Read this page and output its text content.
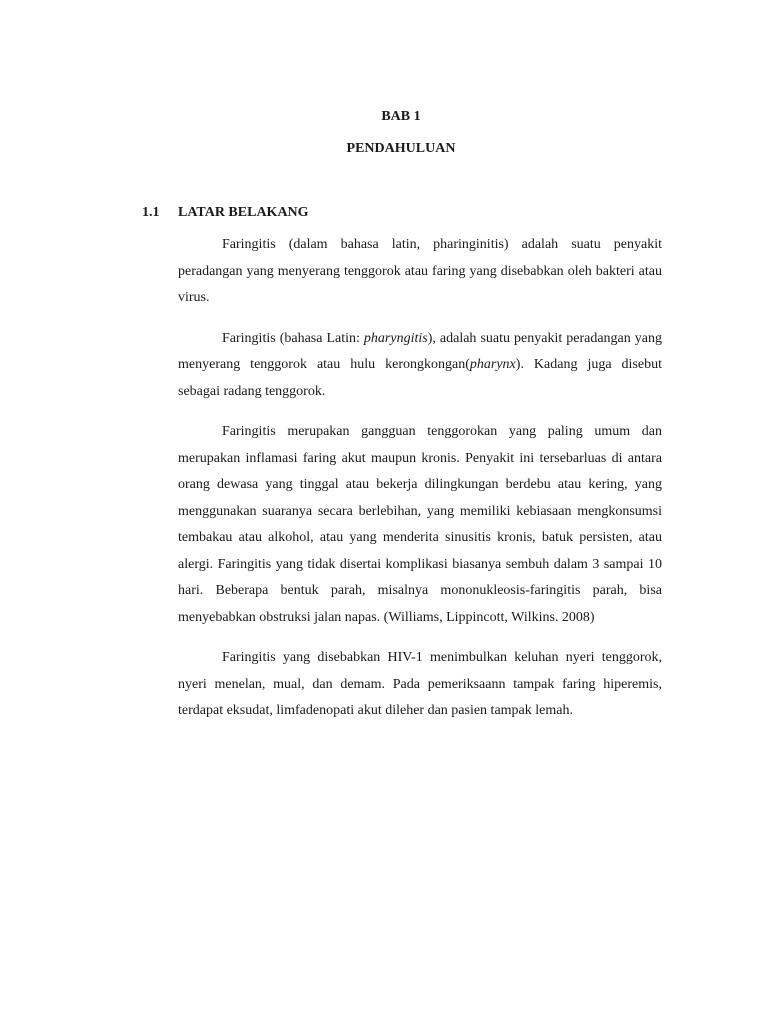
BAB 1
PENDAHULUAN
1.1 LATAR BELAKANG

Faringitis (dalam bahasa latin, pharinginitis) adalah suatu penyakit peradangan yang menyerang tenggorok atau faring yang disebabkan oleh bakteri atau virus.

Faringitis (bahasa Latin: pharyngitis), adalah suatu penyakit peradangan yang menyerang tenggorok atau hulu kerongkongan(pharynx). Kadang juga disebut sebagai radang tenggorok.

Faringitis merupakan gangguan tenggorokan yang paling umum dan merupakan inflamasi faring akut maupun kronis. Penyakit ini tersebarluas di antara orang dewasa yang tinggal atau bekerja dilingkungan berdebu atau kering, yang menggunakan suaranya secara berlebihan, yang memiliki kebiasaan mengkonsumsi tembakau atau alkohol, atau yang menderita sinusitis kronis, batuk persisten, atau alergi. Faringitis yang tidak disertai komplikasi biasanya sembuh dalam 3 sampai 10 hari. Beberapa bentuk parah, misalnya mononukleosis-faringitis parah, bisa menyebabkan obstruksi jalan napas. (Williams, Lippincott, Wilkins. 2008)

Faringitis yang disebabkan HIV-1 menimbulkan keluhan nyeri tenggorok, nyeri menelan, mual, dan demam. Pada pemeriksaann tampak faring hiperemis, terdapat eksudat, limfadenopati akut dileher dan pasien tampak lemah.
